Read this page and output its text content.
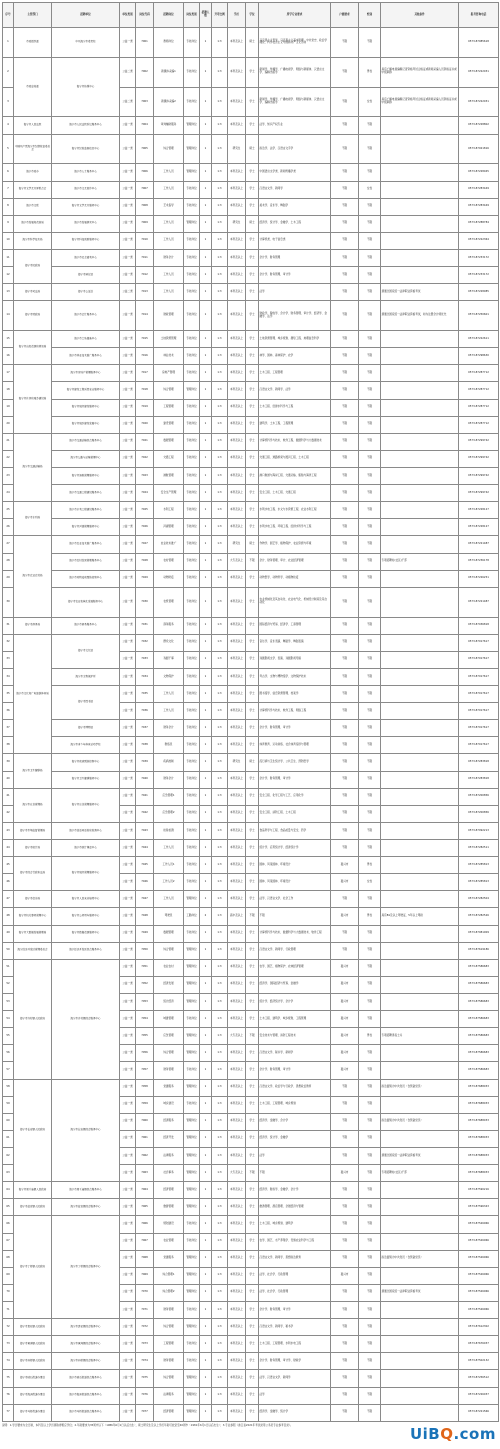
序号	主管部门	招聘单位	单位类别	岗位代码	招聘岗位	岗位类别	招聘人数	开考比例	学历	学位	所学专业要求	户籍要求	性别	其他条件	报考咨询电话
1	市委组织部	中共海宁市委党校	公益一类	7001	教师岗位	专技岗位	1	1:3	本科及以上	硕士	马克思主义哲学、马克思主义基本原理、中共党史、政治学理论、科学社会主义与国际共产主义运动	不限	不限		0573-87085618
2	市委宣传部	海宁市传媒中心	公益二类	7002	新媒体采编1	专技岗位	1	1:3	本科及以上	学士	新闻学、传播学、广播电视学、网络与新媒体、汉语言文学、编辑出版学	不限	男性	具有广播电视编辑记者资格考试合格证或新闻采编人员资格证书或中级职称	0573-87222031
3			公益二类	7003	新媒体采编2	专技岗位	1	1:3	本科及以上	学士	新闻学、传播学、广播电视学、网络与新媒体、汉语言文学、编辑出版学	不限	女性	具有广播电视编辑记者资格考试合格证或新闻采编人员资格证书或中级职称	0573-87222031
4	海宁市人民法院	海宁市人民法院诉讼服务中心	公益一类	7004	审判辅助服务	管理岗位	1	1:3	本科及以上	学士	法学、知识产权专业	不限	不限		0573-87228802
5	中国共产党海宁市纪律检查委员会	海宁市纪检监察信息中心	公益一类	7005	综合管理	管理岗位	1	1:3	研究生	硕士	政治学、法学、汉语言文字学	不限	不限		0573-87021816
6	海宁市委办	海宁市人才服务中心	公益一类	7006	工作人员	管理岗位	1	1:3	本科及以上	学士	中国语言文学类、新闻传播学类	不限	不限		0573-87228045
7	海宁市文学艺术界联合会	海宁市文艺创作中心	公益一类	7007	工作人员	专技岗位	1	1:3	本科及以上	学士	汉语言文学、新闻学	不限	女性		0573-87283449
8	海宁市文联	海宁市文学艺术服务中心	公益一类	7008	艺术指导	专技岗位	1	1:3	本科及以上	学士	美术学、音乐学、舞蹈学	不限	不限		0573-87283449
9	海宁市发展和改革局	海宁市发展研究中心	公益一类	7009	工作人员	管理岗位	1	1:3	研究生	硕士	经济学、统计学、金融学、土木工程	不限	不限		0573-87288784
10	海宁市科学技术局	海宁市科技创新服务中心	公益一类	7010	工作人员	专技岗位	1	1:3	本科及以上	学士	计算机类、电子信息类	不限	不限		0573-87222364
11	海宁市民政局	海宁市社会福利中心	公益一类	7011	财务会计	专技岗位	1	1:3	本科及以上	学士	会计学、财务管理	不限	不限		0573-87233172
12		海宁市殡仪馆	公益一类	7012	工作人员	专技岗位	1	1:3	本科及以上	学士	会计学、财务管理、审计学	不限	不限		0573-87233172
13	海宁市司法局	海宁市公证处	公益二类	7013	工作人员	专技岗位	1	1:3	本科及以上	学士	法学	不限	不限	须通过国家统一法律职业资格考试	0573-87228085
14	海宁市财政局	海宁市会计服务中心	公益一类	7014	财政管理	专技岗位	1	1:3	本科及以上	学士	财政学、税收学、会计学、财务管理、审计学、经济学、金融学、法学	不限	不限	须通过国家统一法律职业资格考试，如为注册会计师优先	0573-87250601
15	海宁市自然资源和规划局	海宁市土地储备中心	公益一类	7015	土地资源管理	专技岗位	1	1:3	本科及以上	学士	土地资源管理、城乡规划、测绘工程、地理信息科学	不限	不限		0573-87222611
16		海宁市林业技术推广服务中心	公益一类	7016	林业技术	专技岗位	1	1:3	本科及以上	学士	林学、园林、森林保护、农学	不限	不限		0573-87298630
17	海宁市住房和城乡建设局	海宁市房地产管理服务中心	公益一类	7017	房地产管理	专技岗位	1	1:3	本科及以上	学士	土木工程、工程管理	不限	不限		0573-87287712
18		海宁市建设工程质量安全服务中心	公益一类	7018	综合管理	管理岗位	1	1:3	本科及以上	学士	汉语言文学、新闻学、法学	不限	不限		0573-87287712
19		海宁市城市建设服务中心	公益一类	7019	工程管理	专技岗位	1	1:3	本科及以上	学士	土木工程、给排水科学与工程	不限	不限		0573-87287712
20		海宁市城乡建设发展中心	公益一类	7020	建设管理	专技岗位	1	1:3	本科及以上	学士	建筑学、土木工程、工程管理	不限	不限		0573-87287712
21	海宁市交通运输局	海宁市交通运输综合服务中心	公益一类	7021	数据管理	专技岗位	1	1:3	本科及以上	学士	计算机科学与技术、软件工程、数据科学与大数据技术	不限	不限		0573-87299742
22		海宁市公路与运输管理中心	公益一类	7022	交通工程	专技岗位	1	1:3	本科及以上	学士	交通工程、道路桥梁与渡河工程、土木工程	不限	不限		0573-87299742
23		海宁市港航管理服务中心	公益一类	7023	港航管理	专技岗位	1	1:3	本科及以上	学士	港口航道与海岸工程、交通运输、船舶与海洋工程	不限	不限		0573-87299742
24		海宁市交通工程建设服务中心	公益一类	7024	安全生产管理	专技岗位	1	1:3	本科及以上	学士	安全工程、土木工程、交通工程	不限	不限		0573-87299742
25	海宁市水利局	海宁市水利工程建设服务中心	公益一类	7025	水利工程	专技岗位	1	1:3	本科及以上	学士	水利水电工程、水文与水资源工程、农业水利工程	不限	不限		0573-87228127
26		海宁市河湖管理服务中心	公益一类	7026	河湖管理	专技岗位	1	1:3	本科及以上	学士	水利水电工程、环境工程、给排水科学与工程	不限	不限		0573-87228127
27	海宁市农业农村局	海宁市农业技术推广服务中心	公益一类	7027	农业技术推广	专技岗位	1	1:3	研究生	硕士	作物学、园艺学、植物保护、农业资源与环境	不限	不限		0573-87221487
28		海宁市农村经营管理服务中心	公益一类	7028	农村管理	专技岗位	1	1:3	大专及以上	不限	会计、财务管理、审计、农业经济管理	不限	不限	专项招聘村(社区)干部	0573-87236178
29		海宁市动物疫病预防控制中心	公益一类	7029	动物防疫	专技岗位	1	1:3	本科及以上	学士	动物医学、动物科学、动植物检疫	不限	不限		0573-87226251
30		海宁市农业机械化发展服务中心	公益一类	7030	农机管理	专技岗位	1	1:3	本科及以上	学士	农业机械化及其自动化、农业电气化、机械设计制造及其自动化	不限	不限		0573-87221487
31	海宁市商务局	海宁市商务服务中心	公益一类	7031	商务服务	专技岗位	1	1:3	本科及以上	学士	国际经济与贸易、经济学、工商管理	不限	不限		0573-87036818
32	海宁市文化和广电旅游体育局	海宁市文化馆	公益一类	7032	群众文化	专技岗位	1	1:3	本科及以上	学士	音乐学、音乐表演、舞蹈学、舞蹈表演	不限	不限		0573-87017617
33			公益一类	7033	戏剧干事	专技岗位	1	1:3	本科及以上	学士	戏剧影视文学、表演、戏剧影视导演	不限	不限		0573-87017617
34		海宁市文物保护所	公益一类	7034	文物保护	专技岗位	1	1:3	本科及以上	学士	考古学、文物与博物馆学、文物保护技术	不限	不限		0573-87017617
35		海宁市图书馆	公益一类	7035	工作人员	专技岗位	1	1:3	本科及以上	学士	图书馆学、信息资源管理、档案学	不限	不限		0573-87017617
36			公益一类	7036	工作人员	专技岗位	1	1:3	本科及以上	学士	计算机科学与技术、软件工程、网络工程	不限	不限		0573-87017617
37		海宁市博物馆	公益一类	7037	财务会计	专技岗位	1	1:3	本科及以上	学士	会计学、财务管理、审计学	不限	不限		0573-87017617
38		海宁市青少年体育运动学校	公益一类	7038	教练员	专技岗位	1	1:3	本科及以上	学士	体育教育、运动训练、社会体育指导与管理	不限	不限		0573-87017617
39	海宁市卫生健康局	海宁市疾病预防控制中心	公益一类	7039	疾病控制	专技岗位	1	1:3	研究生	硕士	流行病与卫生统计学、公共卫生、预防医学	不限	不限		0573-87283818
40		海宁市卫生健康服务中心	公益一类	7040	财务会计	专技岗位	1	1:3	本科及以上	学士	会计学、财务管理、审计学	不限	不限		0573-87283818
41	海宁市应急管理局	海宁市应急管理服务中心	公益一类	7041	应急管理1	专技岗位	1	1:3	本科及以上	学士	安全工程、化学工程与工艺、应用化学	不限	不限		0573-87200856
42			公益一类	7042	应急管理2	专技岗位	1	1:3	本科及以上	学士	安全工程、消防工程、土木工程	不限	不限		0573-87200856
43	海宁市市场监督管理局	海宁市食品药品检验检测中心	公益一类	7043	检验检测	专技岗位	1	1:3	本科及以上	学士	食品科学与工程、食品质量与安全、药学	不限	不限		0573-87092213
44	海宁市统计局	海宁市统计调查中心	公益一类	7044	工作人员	专技岗位	1	1:3	本科及以上	学士	统计学、应用统计学、经济统计学	不限	不限		0573-87282511
45	海宁市综合行政执法局	海宁市城市管理服务中心	公益一类	7045	工作人员1	专技岗位	1	1:3	本科及以上	学士	园林、风景园林、环境设计	嘉兴市	男性		0573-87285813
46			公益一类	7046	工作人员2	专技岗位	1	1:3	本科及以上	学士	园林、风景园林、环境设计	嘉兴市	女性		0573-87285813
47	海宁市信访局	海宁市人民来访接待中心	公益一类	7047	工作人员	管理岗位	1	1:3	本科及以上	学士	法学、汉语言文学、社会工作	不限	不限		0573-87282504
48	海宁市机关事务管理中心	海宁市公务用车服务中心	公益一类	7048	驾驶员	工勤岗位	2	1:3	高中及以上	不限	不限	嘉兴市	男性	具有B1及以上驾驶证，5年以上驾龄	0573-87282526
49	海宁市大数据发展管理局	海宁市数据资源服务中心	公益一类	7049	数据管理	专技岗位	1	1:3	本科及以上	学士	计算机科学与技术、数据科学与大数据技术、软件工程	不限	不限		0573-87081009
50	海宁经济开发区管理委员会	海宁经济开发区综合服务中心	公益一类	7050	综合管理	管理岗位	1	1:3	本科及以上	学士	汉语言文学、新闻学、行政管理	不限	不限		0573-87619186
51	海宁市许村镇人民政府	海宁市许村镇综合服务中心	公益一类	7051	农业农村	管理岗位	1	1:3	本科及以上	学士	农学、园艺、植物保护、农林经济管理	嘉兴市	不限		0573-87586683
52			公益一类	7052	经济发展	管理岗位	1	1:3	本科及以上	学士	经济学、国际经济与贸易、金融学	嘉兴市	不限		0573-87586683
53			公益一类	7053	统计经济	管理岗位	1	1:3	本科及以上	学士	统计学、经济统计学、会计学	嘉兴市	不限		0573-87586683
54			公益一类	7054	城建管理	专技岗位	1	1:3	本科及以上	学士	土木工程、建筑学、城乡规划、工程管理	嘉兴市	不限		0573-87586683
55			公益一类	7055	应急管理	管理岗位	1	1:3	大专及以上	不限	安全技术与管理、消防工程技术	嘉兴市	男性	专项招聘退役士兵	0573-87586683
56			公益一类	7056	综合管理	管理岗位	1	1:3	本科及以上	学士	汉语言文学、秘书学、新闻学	嘉兴市	不限		0573-87586683
57			公益一类	7057	财务管理	专技岗位	1	1:3	本科及以上	学士	会计学、财务管理、审计学	嘉兴市	不限		0573-87586683
58	海宁市长安镇人民政府	海宁市长安镇综合服务中心	公益一类	7058	党建服务	管理岗位	1	1:3	本科及以上	学士	汉语言文学、政治学与行政学、思想政治教育	不限	不限	政治面貌为中共党员（含预备党员）	0573-87688033
59			公益一类	7059	城乡建设	专技岗位	1	1:3	本科及以上	学士	土木工程、工程管理、城乡规划	不限	不限		0573-87688033
60			公益一类	7060	经济服务	管理岗位	1	1:3	本科及以上	学士	经济学、金融学、会计学	不限	不限	政治面貌为中共党员（含预备党员）	0573-87688033
61			公益一类	7061	经济开发	管理岗位	1	1:3	本科及以上	学士	经济学、统计学、金融学	不限	不限		0573-87688033
62			公益一类	7062	法律服务	管理岗位	1	1:3	本科及以上	学士	法学	不限	不限	须通过国家统一法律职业资格考试	0573-87688033
63			公益一类	7063	社会事务	管理岗位	1	1:3	大专及以上	不限	不限	嘉兴市	不限	专项招聘村(社区)干部	0573-87688033
64	海宁市周王庙镇人民政府	海宁市周王庙镇综合服务中心	公益一类	7064	经济管理	管理岗位	1	1:3	本科及以上	学士	经济学、财政学、金融学、会计学	不限	不限		0573-87590216
65	海宁市盐官镇人民政府	海宁市盐官镇综合服务中心	公益一类	7065	旅游管理	管理岗位	1	1:3	本科及以上	学士	旅游管理、酒店管理、会展经济与管理	不限	不限		0573-87596343
66	海宁市丁桥镇人民政府	海宁市丁桥镇综合服务中心	公益一类	7066	规划建设	专技岗位	1	1:3	本科及以上	学士	土木工程、城乡规划、建筑学	不限	不限		0573-87526066
67			公益一类	7067	农业管理	专技岗位	1	1:3	本科及以上	学士	农学、园艺、水产养殖学、设施农业科学与工程	不限	不限		0573-87526066
68			公益一类	7068	党建服务	管理岗位	1	1:3	本科及以上	学士	汉语言文学、新闻学、思想政治教育	不限	不限	政治面貌为中共党员（含预备党员）	0573-87526066
69			公益一类	7069	综合管理1	管理岗位	1	1:3	本科及以上	学士	法学、社会学、行政管理	嘉兴市	不限		0573-87526066
70			公益一类	7070	综合管理2	管理岗位	1	1:3	本科及以上	学士	法学、社会学、行政管理	不限	不限	须通过国家统一法律职业资格考试	0573-87526066
71			公益一类	7071	财务管理	专技岗位	1	1:3	本科及以上	学士	会计学、财务管理、审计学	不限	不限		0573-87526066
72	海宁市袁花镇人民政府	海宁市袁花镇综合服务中心	公益一类	7072	综合管理	管理岗位	1	1:3	本科及以上	学士	汉语言文学、新闻学、秘书学	不限	不限		0573-87612302
73	海宁市黄湾镇人民政府	海宁市黄湾镇综合服务中心	公益一类	7073	工程管理	专技岗位	1	1:3	本科及以上	学士	土木工程、工程管理、水利水电工程	不限	不限		0573-87676037
74	海宁市斜桥镇人民政府	海宁市斜桥镇综合服务中心	公益一类	7074	财务管理	专技岗位	1	1:3	本科及以上	学士	会计学、财务管理、审计学、财政学	不限	不限		0573-87502132
75	海宁市硖石街道办事处	海宁市硖石街道综合服务中心	公益一类	7075	综合管理	管理岗位	1	1:3	本科及以上	学士	法学、汉语言文学、新闻学	不限	不限		0573-87256512
76	海宁市海洲街道办事处	海宁市海洲街道综合服务中心	公益一类	7076	法律服务	管理岗位	1	1:3	本科及以上	学士	法学	不限	不限		0573-87226037
77	海宁市马桥街道办事处	海宁市马桥街道综合服务中心	公益一类	7077	经济管理	管理岗位	1	1:3	本科及以上	学士	经济学、金融学、统计学	不限	不限		0573-87221566
说明：1.学历要求为全日制，本科及以上学历须取得相应学位；2.年龄要求为35周岁以下（1986年6月1日以后出生），硕士研究生及以上学历年龄可放宽至40周岁（1981年6月1日以后出生）；3.专业参照《浙江省2021年考试录用公务员专业参考目录》。	UiBQ.com
